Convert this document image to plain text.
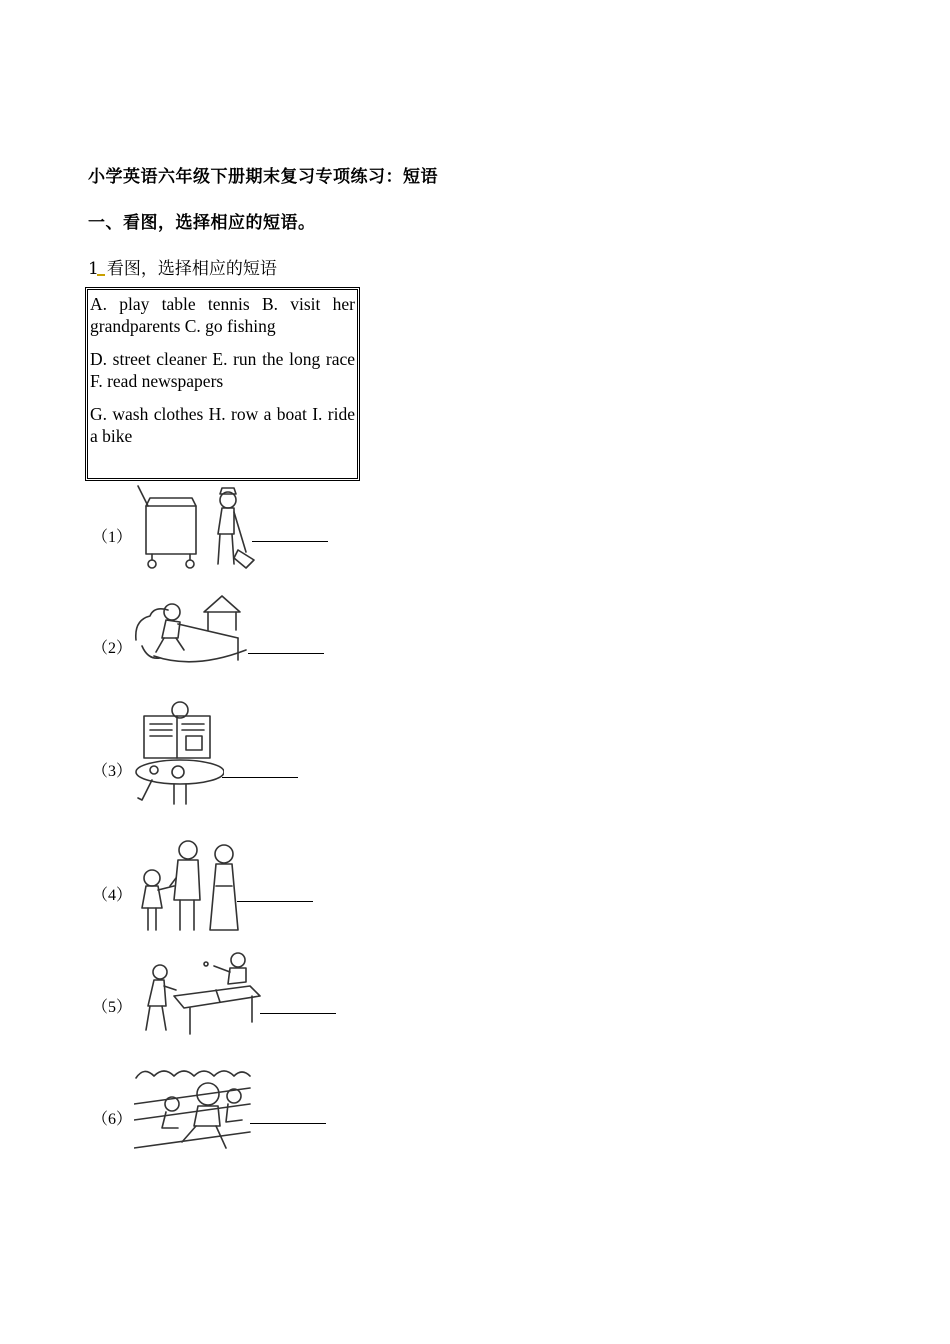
小学英语六年级下册期末复习专项练习：短语
一、看图，选择相应的短语。
1 看图，选择相应的短语

A. play table tennis B. visit her grandparents C. go fishing

D. street cleaner E. run the long race F. read newspapers

G. wash clothes H. row a boat I. ride a bike

（1）
（2）
（3）
（4）
（5）
（6）
